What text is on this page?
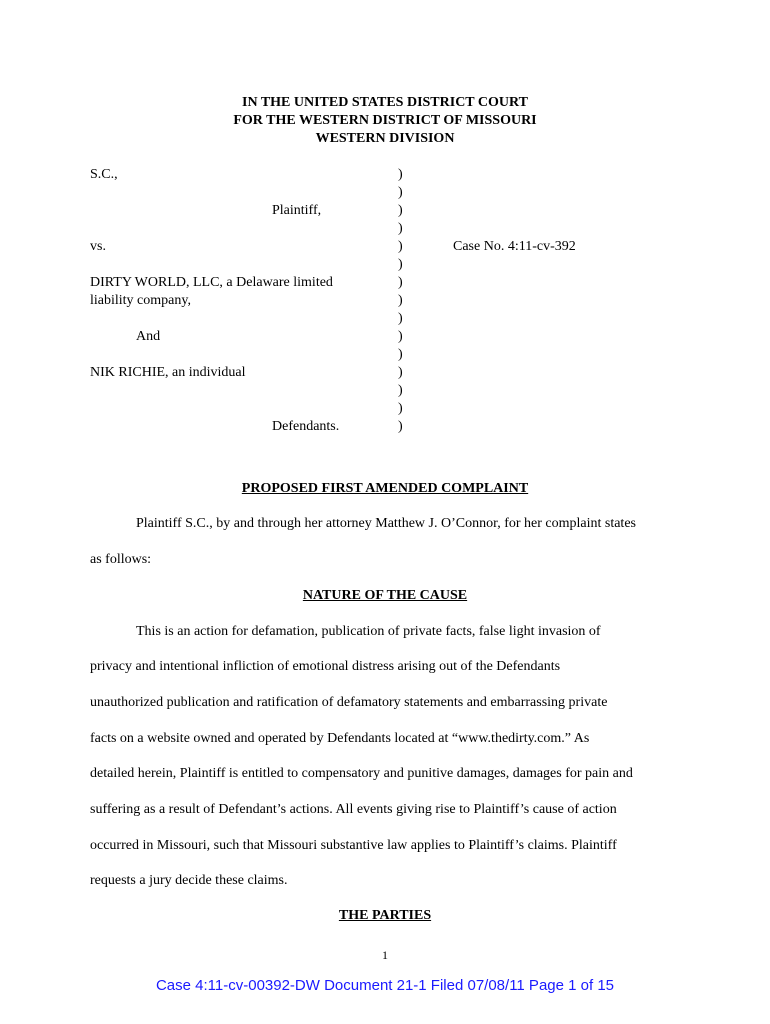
IN THE UNITED STATES DISTRICT COURT
FOR THE WESTERN DISTRICT OF MISSOURI
WESTERN DIVISION
S.C.,
Plaintiff,
vs.
DIRTY WORLD, LLC, a Delaware limited
liability company,
And
NIK RICHIE, an individual
Defendants.
)
)
)
)
)
)
)
)
)
)
)
)
)
)
)
Case No. 4:11-cv-392
PROPOSED FIRST AMENDED COMPLAINT
Plaintiff S.C., by and through her attorney Matthew J. O’Connor, for her complaint states
as follows:
NATURE OF THE CAUSE
This is an action for defamation, publication of private facts, false light invasion of
privacy and intentional infliction of emotional distress arising out of the Defendants
unauthorized publication and ratification of defamatory statements and embarrassing private
facts on a website owned and operated by Defendants located at “www.thedirty.com.” As
detailed herein, Plaintiff is entitled to compensatory and punitive damages, damages for pain and
suffering as a result of Defendant’s actions. All events giving rise to Plaintiff’s cause of action
occurred in Missouri, such that Missouri substantive law applies to Plaintiff’s claims. Plaintiff
requests a jury decide these claims.
THE PARTIES
1
Case 4:11-cv-00392-DW Document 21-1 Filed 07/08/11 Page 1 of 15
